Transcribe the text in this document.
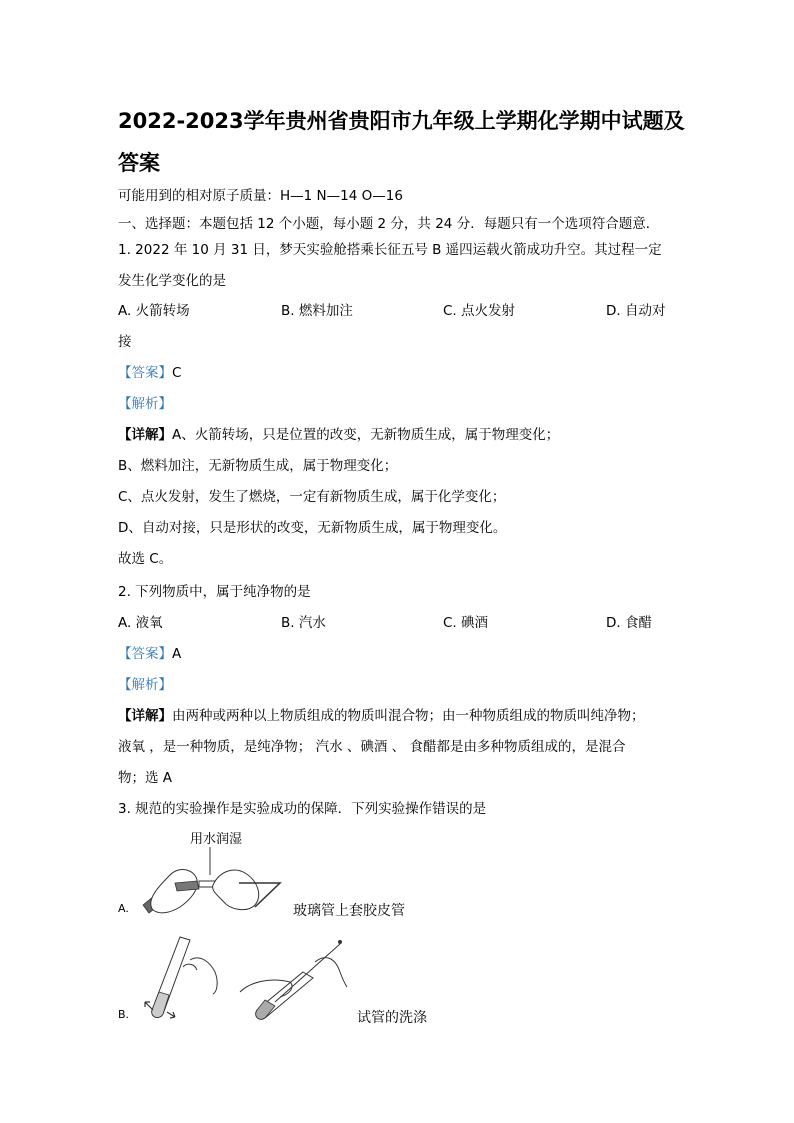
2022-2023学年贵州省贵阳市九年级上学期化学期中试题及
答案
可能用到的相对原子质量：H—1 N—14 O—16
一、选择题：本题包括 12 个小题，每小题 2 分，共 24 分．每题只有一个选项符合题意．
1. 2022 年 10 月 31 日，梦天实验舱搭乘长征五号 B 遥四运载火箭成功升空。其过程一定
发生化学变化的是
A. 火箭转场	B. 燃料加注	C. 点火发射	D. 自动对
接
【答案】C
【解析】
【详解】A、火箭转场，只是位置的改变，无新物质生成，属于物理变化；
B、燃料加注，无新物质生成，属于物理变化；
C、点火发射，发生了燃烧，一定有新物质生成，属于化学变化；
D、自动对接，只是形状的改变，无新物质生成，属于物理变化。
故选 C。
2. 下列物质中，属于纯净物的是
A. 液氧	B. 汽水	C. 碘酒	D. 食醋
【答案】A
【解析】
【详解】由两种或两种以上物质组成的物质叫混合物；由一种物质组成的物质叫纯净物；
液氧 ，是一种物质，是纯净物； 汽水 、碘酒 、 食醋都是由多种物质组成的，是混合
物；选 A
3. 规范的实验操作是实验成功的保障．下列实验操作错误的是
A.
用水润湿
玻璃管上套胶皮管
B.	试管的洗涤
